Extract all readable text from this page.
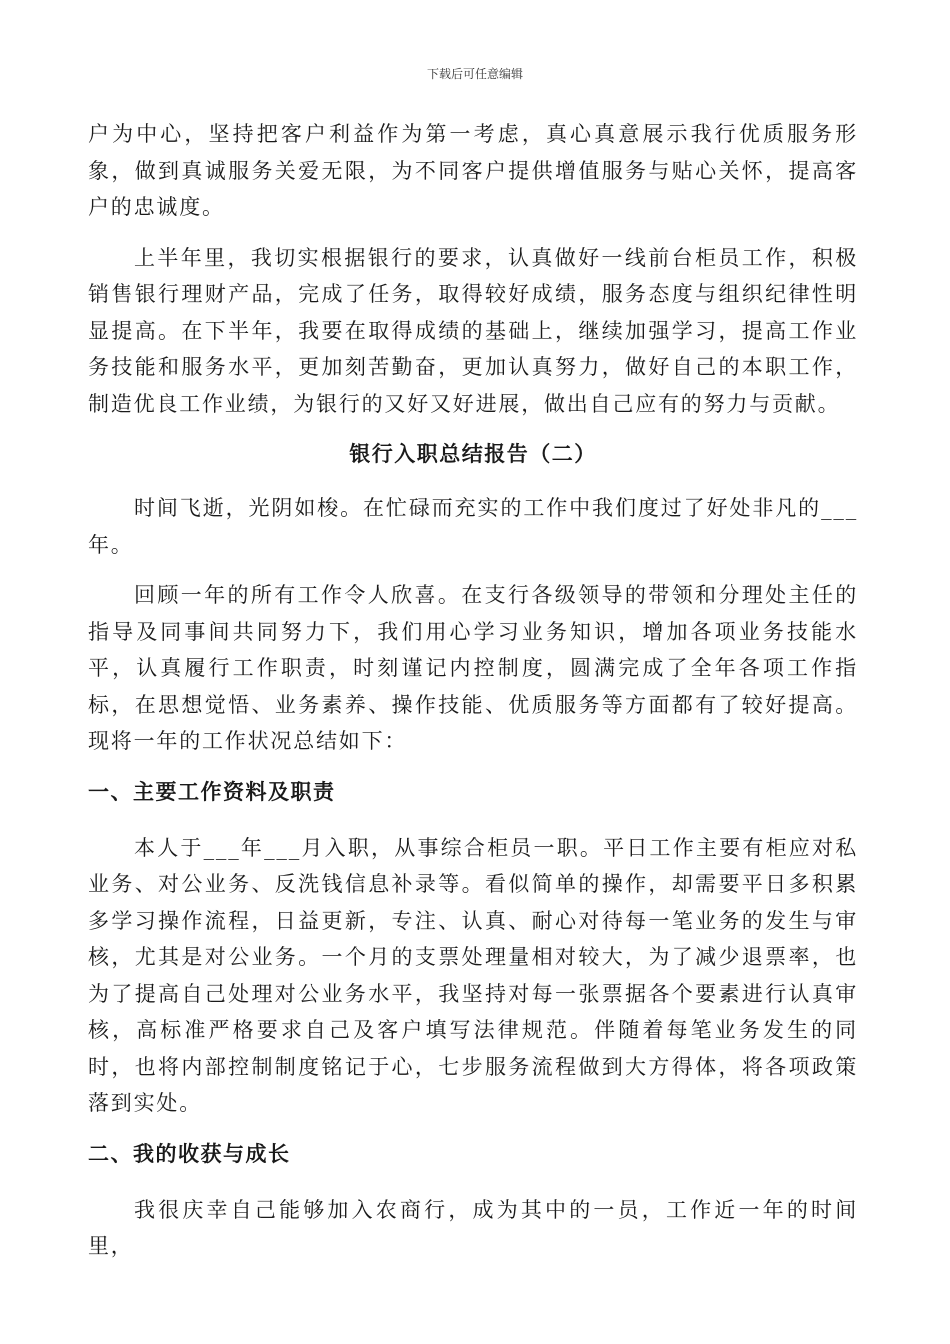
下载后可任意编辑

户为中心，坚持把客户利益作为第一考虑，真心真意展示我行优质服务形象，做到真诚服务关爱无限，为不同客户提供增值服务与贴心关怀，提高客户的忠诚度。

上半年里，我切实根据银行的要求，认真做好一线前台柜员工作，积极销售银行理财产品，完成了任务，取得较好成绩，服务态度与组织纪律性明显提高。在下半年，我要在取得成绩的基础上，继续加强学习，提高工作业务技能和服务水平，更加刻苦勤奋，更加认真努力，做好自己的本职工作，制造优良工作业绩，为银行的又好又好进展，做出自己应有的努力与贡献。

银行入职总结报告（二）

时间飞逝，光阴如梭。在忙碌而充实的工作中我们度过了好处非凡的___年。

回顾一年的所有工作令人欣喜。在支行各级领导的带领和分理处主任的指导及同事间共同努力下，我们用心学习业务知识，增加各项业务技能水平，认真履行工作职责，时刻谨记内控制度，圆满完成了全年各项工作指标，在思想觉悟、业务素养、操作技能、优质服务等方面都有了较好提高。现将一年的工作状况总结如下：

一、主要工作资料及职责

本人于___年___月入职，从事综合柜员一职。平日工作主要有柜应对私业务、对公业务、反洗钱信息补录等。看似简单的操作，却需要平日多积累多学习操作流程，日益更新，专注、认真、耐心对待每一笔业务的发生与审核，尤其是对公业务。一个月的支票处理量相对较大，为了减少退票率，也为了提高自己处理对公业务水平，我坚持对每一张票据各个要素进行认真审核，高标准严格要求自己及客户填写法律规范。伴随着每笔业务发生的同时，也将内部控制制度铭记于心，七步服务流程做到大方得体，将各项政策落到实处。

二、我的收获与成长

我很庆幸自己能够加入农商行，成为其中的一员，工作近一年的时间里，
